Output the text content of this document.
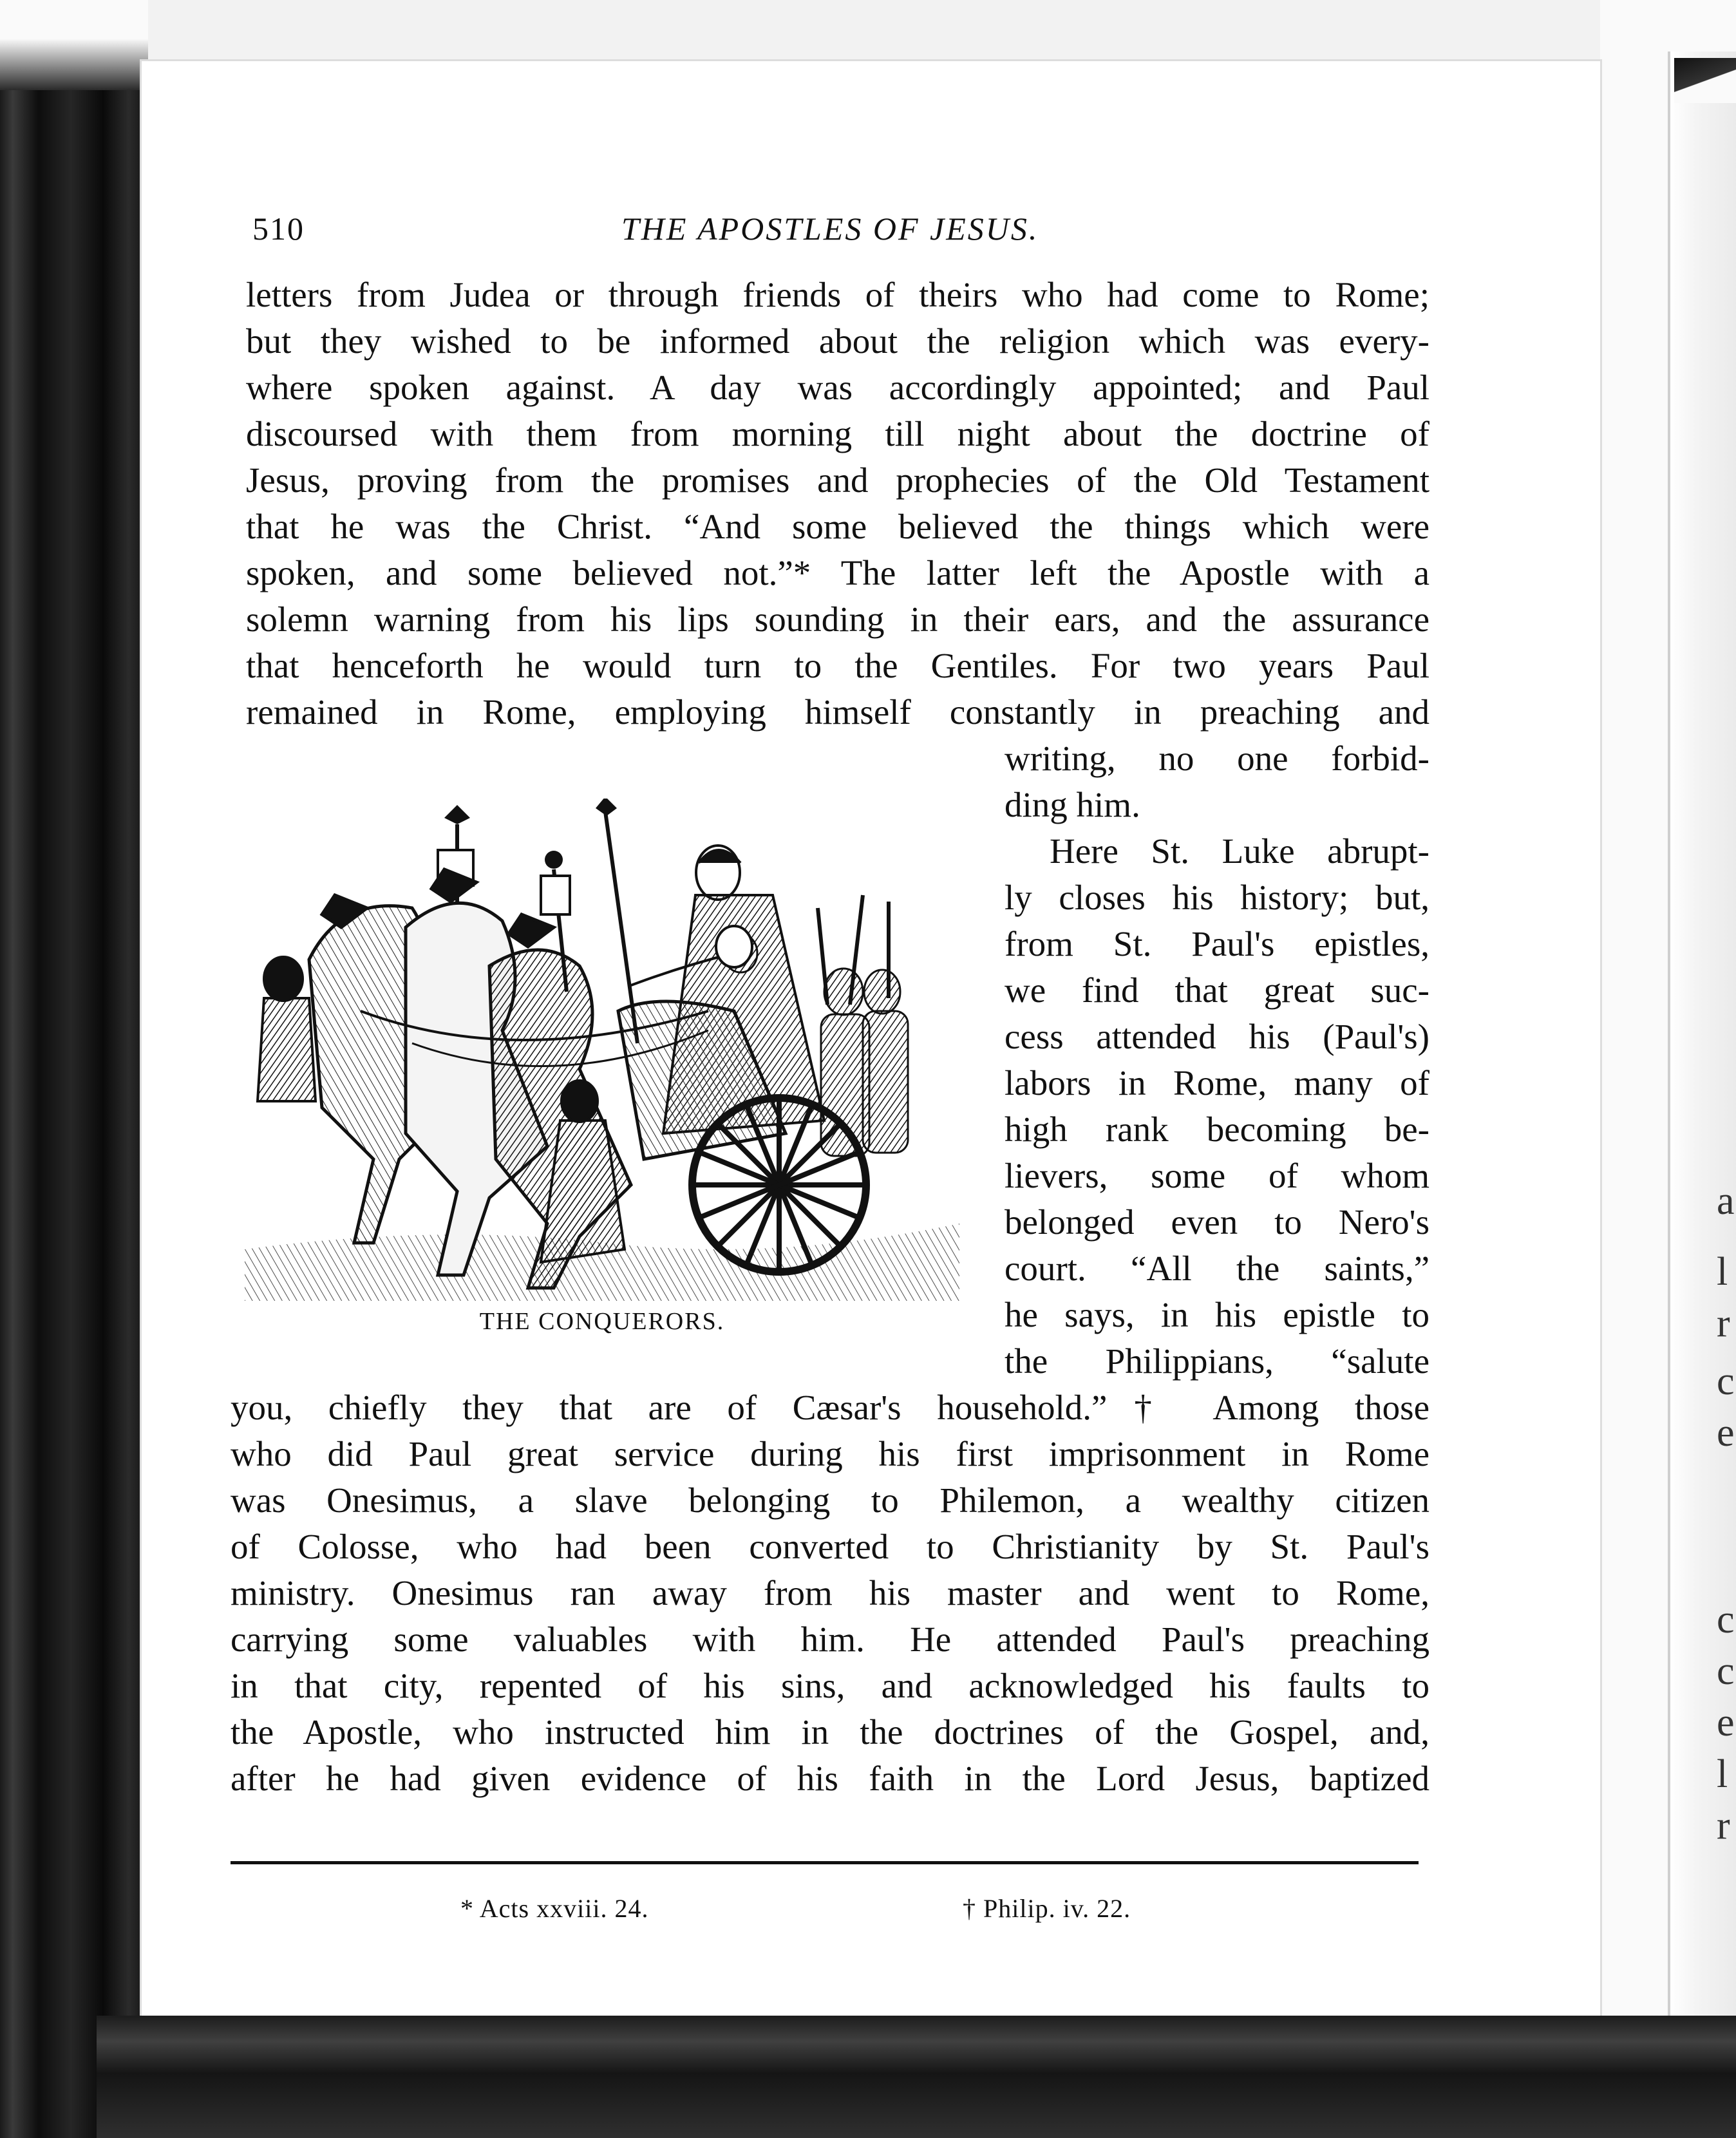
a
l
r
c
e
c
c
e
l
r
510	THE APOSTLES OF JESUS.
letters from Judea or through friends of theirs who had come to Rome;
but they wished to be informed about the religion which was every-
where spoken against. A day was accordingly appointed; and Paul
discoursed with them from morning till night about the doctrine of
Jesus, proving from the promises and prophecies of the Old Testament
that he was the Christ. “And some believed the things which were
spoken, and some believed not.”* The latter left the Apostle with a
solemn warning from his lips sounding in their ears, and the assurance
that henceforth he would turn to the Gentiles. For two years Paul
remained in Rome, employing himself constantly in preaching and
writing, no one forbid-
ding him.
Here St. Luke abrupt-
ly closes his history; but,
from St. Paul's epistles,
we find that great suc-
cess attended his (Paul's)
labors in Rome, many of
high rank becoming be-
lievers, some of whom
belonged even to Nero's
court. “All the saints,”
he says, in his epistle to
the Philippians, “salute
you, chiefly they that are of Cæsar's household.”† Among those
who did Paul great service during his first imprisonment in Rome
was Onesimus, a slave belonging to Philemon, a wealthy citizen
of Colosse, who had been converted to Christianity by St. Paul's
ministry. Onesimus ran away from his master and went to Rome,
carrying some valuables with him. He attended Paul's preaching
in that city, repented of his sins, and acknowledged his faults to
the Apostle, who instructed him in the doctrines of the Gospel, and,
after he had given evidence of his faith in the Lord Jesus, baptized
THE CONQUERORS.
* Acts xxviii. 24.	† Philip. iv. 22.
